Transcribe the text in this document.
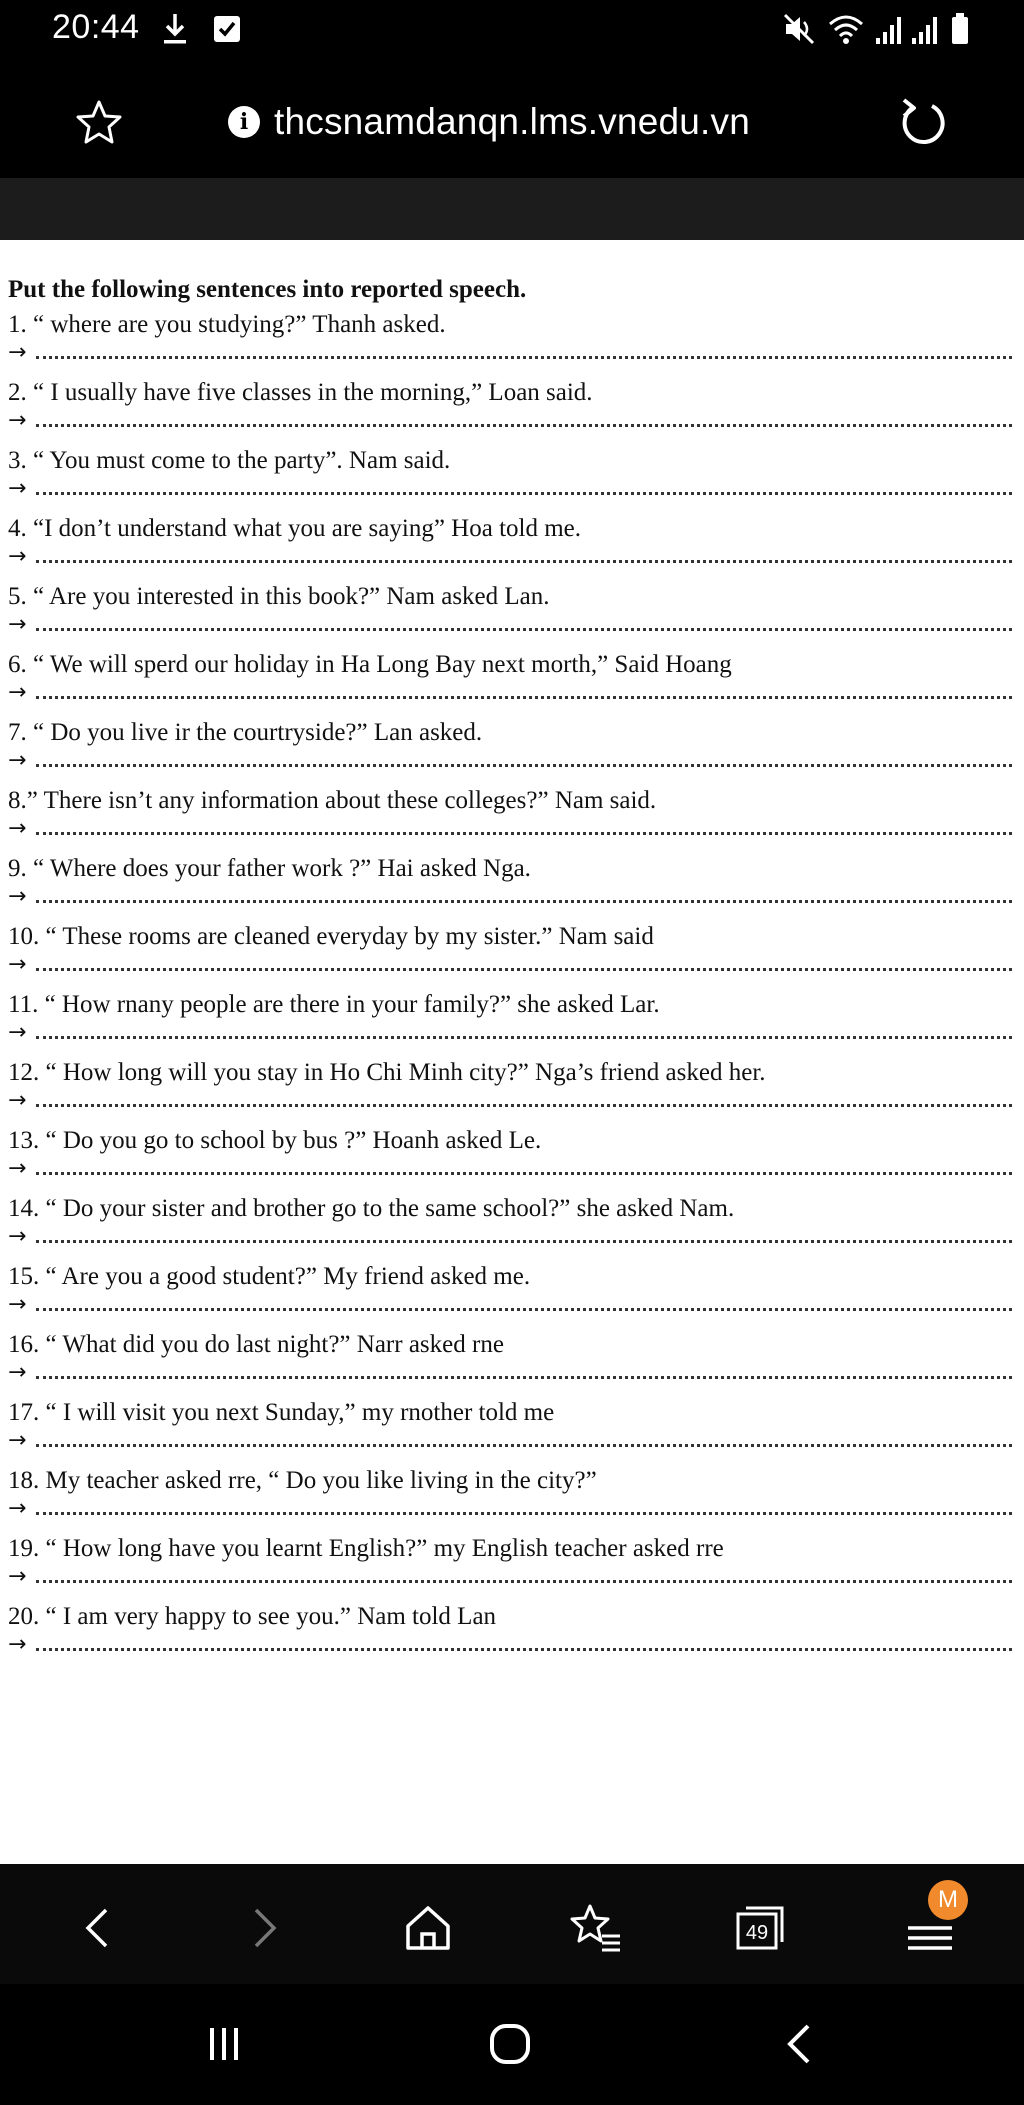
20:44
i thcsnamdanqn.lms.vnedu.vn
Put the following sentences into reported speech.
1. “ where are you studying?” Thanh asked.
→
2. “ I usually have five classes in the morning,” Loan said.
→
3. “ You must come to the party”. Nam said.
→
4. “I don’t understand what you are saying” Hoa told me.
→
5. “ Are you interested in this book?” Nam asked Lan.
→
6. “ We will sperd our holiday in Ha Long Bay next morth,” Said Hoang
→
7. “ Do you live ir the courtryside?” Lan asked.
→
8.” There isn’t any information about these colleges?” Nam said.
→
9. “ Where does your father work ?” Hai asked Nga.
→
10. “ These rooms are cleaned everyday by my sister.” Nam said
→
11. “ How rnany people are there in your family?” she asked Lar.
→
12. “ How long will you stay in Ho Chi Minh city?” Nga’s friend asked her.
→
13. “ Do you go to school by bus ?” Hoanh asked Le.
→
14. “ Do your sister and brother go to the same school?” she asked Nam.
→
15. “ Are you a good student?” My friend asked me.
→
16. “ What did you do last night?” Narr asked rne
→
17. “ I will visit you next Sunday,” my rnother told me
→
18. My teacher asked rre, “ Do you like living in the city?”
→
19. “ How long have you learnt English?” my English teacher asked rre
→
20. “ I am very happy to see you.” Nam told Lan
→
49
M
